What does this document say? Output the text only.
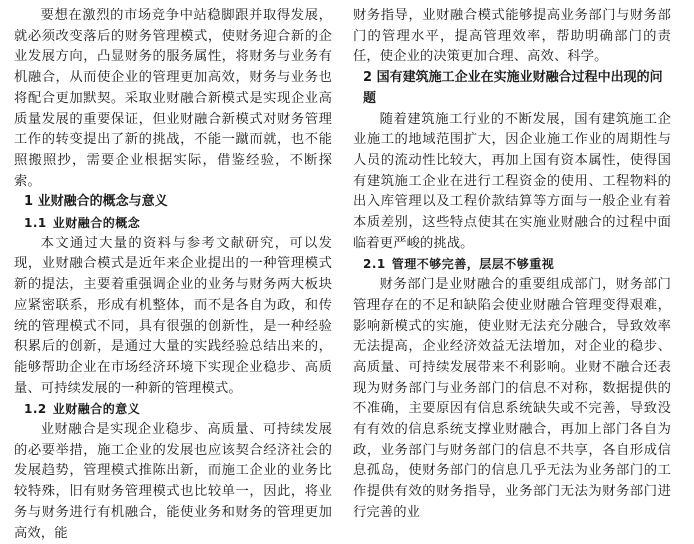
要想在激烈的市场竞争中站稳脚跟并取得发展，就必须改变落后的财务管理模式，使财务迎合新的企业发展方向，凸显财务的服务属性，将财务与业务有机融合，从而使企业的管理更加高效，财务与业务也将配合更加默契。采取业财融合新模式是实现企业高质量发展的重要保证，但业财融合新模式对财务管理工作的转变提出了新的挑战，不能一蹴而就，也不能照搬照抄，需要企业根据实际，借鉴经验，不断探索。

1 业财融合的概念与意义
1.1 业财融合的概念

本文通过大量的资料与参考文献研究，可以发现，业财融合模式是近年来企业提出的一种管理模式新的提法，主要着重强调企业的业务与财务两大板块应紧密联系，形成有机整体，而不是各自为政，和传统的管理模式不同，具有很强的创新性，是一种经验积累后的创新，是通过大量的实践经验总结出来的，能够帮助企业在市场经济环境下实现企业稳步、高质量、可持续发展的一种新的管理模式。

1.2 业财融合的意义

业财融合是实现企业稳步、高质量、可持续发展的必要举措，施工企业的发展也应该契合经济社会的发展趋势，管理模式推陈出新，而施工企业的业务比较特殊，旧有财务管理模式也比较单一，因此，将业务与财务进行有机融合，能使业务和财务的管理更加高效，能

财务指导，业财融合模式能够提高业务部门与财务部门的管理水平，提高管理效率，帮助明确部门的责任，使企业的决策更加合理、高效、科学。

2 国有建筑施工企业在实施业财融合过程中出现的问题

随着建筑施工行业的不断发展，国有建筑施工企业施工的地域范围扩大，因企业施工作业的周期性与人员的流动性比较大，再加上国有资本属性，使得国有建筑施工企业在进行工程资金的使用、工程物料的出入库管理以及工程价款结算等方面与一般企业有着本质差别，这些特点使其在实施业财融合的过程中面临着更严峻的挑战。

2.1 管理不够完善，层层不够重视

财务部门是业财融合的重要组成部门，财务部门管理存在的不足和缺陷会使业财融合管理变得艰难，影响新模式的实施，使业财无法充分融合，导致效率无法提高，企业经济效益无法增加，对企业的稳步、高质量、可持续发展带来不利影响。业财不融合还表现为财务部门与业务部门的信息不对称，数据提供的不准确，主要原因有信息系统缺失或不完善，导致没有有效的信息系统支撑业财融合，再加上部门各自为政，业务部门与财务部门的信息不共享，各自形成信息孤岛，使财务部门的信息几乎无法为业务部门的工作提供有效的财务指导，业务部门无法为财务部门进行完善的业
